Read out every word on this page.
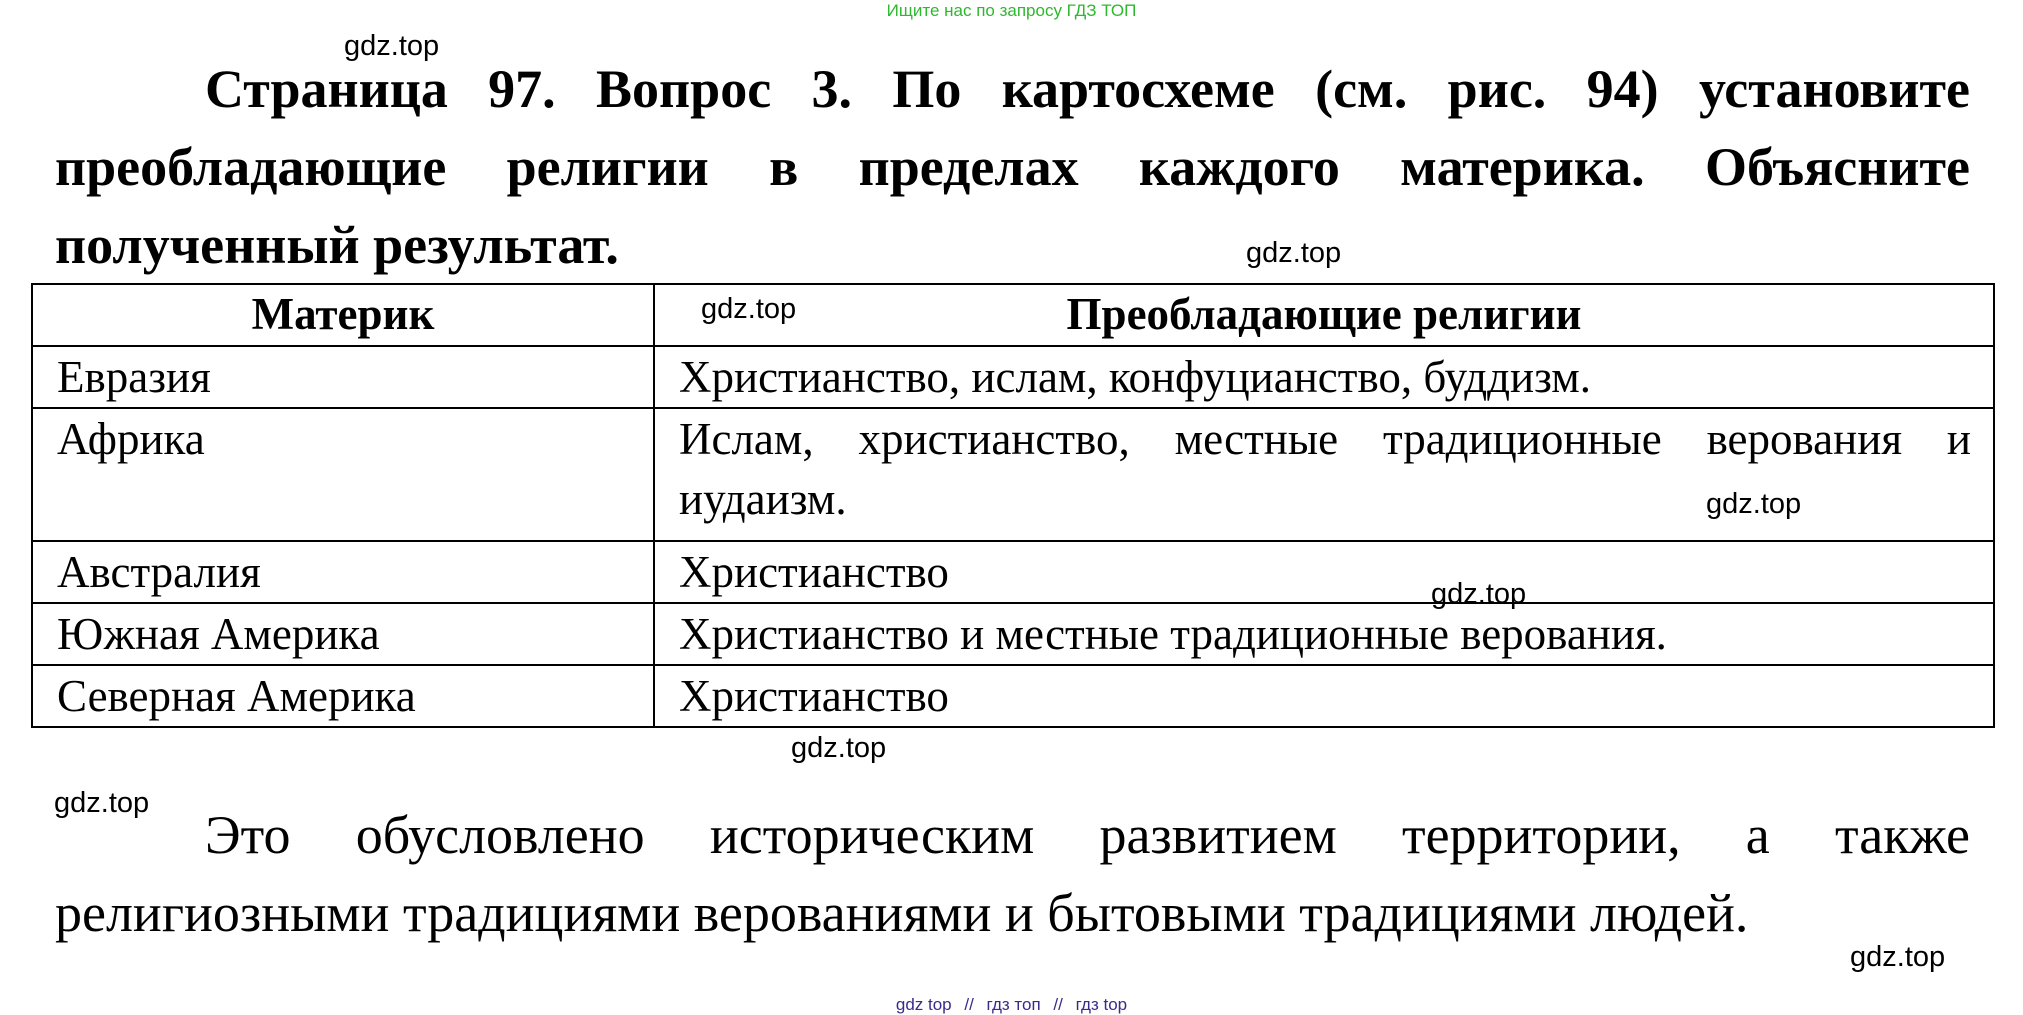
Ищите нас по запросу ГДЗ ТОП

Страница 97. Вопрос 3. По картосхеме (см. рис. 94) установите преобладающие религии в пределах каждого материка. Объясните полученный результат.

Материк	Преобладающие религии
Евразия	Христианство, ислам, конфуцианство, буддизм.
Африка	Ислам, христианство, местные традиционные верования и иудаизм.
Австралия	Христианство
Южная Америка	Христианство и местные традиционные верования.
Северная Америка	Христианство

Это обусловлено историческим развитием территории, а также религиозными традициями верованиями и бытовыми традициями людей.

gdz.top
gdz.top
gdz.top
gdz.top
gdz.top
gdz.top
gdz.top
gdz.top
gdz top // гдз топ // гдз top
